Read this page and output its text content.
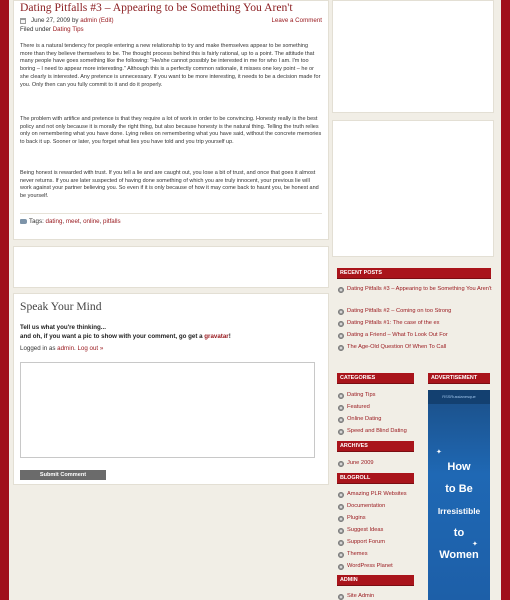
Dating Pitfalls #3 – Appearing to be Something You Aren't
June 27, 2009 by admin (Edit)	Leave a Comment
Filed under Dating Tips

There is a natural tendency for people entering a new relationship to try and make themselves appear to be something more than they believe themselves to be. The thought process behind this is fairly rational, up to a point. The attitude that many people have goes something like the following: "He/she cannot possibly be interested in me for who I am. I'm too boring – I need to appear more interesting." Although this is a perfectly common rationale, it misses one key point – he or she clearly is interested. Any pretence is unnecessary. If you want to be more interesting, it needs to be a decision made for you. Only then can you fully commit to it and do it properly.

The problem with artifice and pretence is that they require a lot of work in order to be convincing. Honesty really is the best policy and not only because it is morally the right thing, but also because honesty is the natural thing. Telling the truth relies only on remembering what you have done. Lying relies on remembering what you have said, without the concrete memories to back it up. Sooner or later, you forget what lies you have told and you trip yourself up.

Being honest is rewarded with trust. If you tell a lie and are caught out, you lose a bit of trust, and once that goes it almost never returns. If you are later suspected of having done something of which you are truly innocent, your previous lie will work against your partner believing you. So even if it is only because of how it may come back to haunt you, be honest and be yourself.

Tags: dating, meet, online, pitfalls
Speak Your Mind
Tell us what you're thinking...
and oh, if you want a pic to show with your comment, go get a gravatar!
Logged in as admin. Log out »
Submit Comment
RECENT POSTS
Dating Pitfalls #3 – Appearing to be Something You Aren't
Dating Pitfalls #2 – Coming on too Strong
Dating Pitfalls #1: The case of the ex
Dating a Friend – What To Look Out For
The Age-Old Question Of When To Call
CATEGORIES
Dating Tips
Featured
Online Dating
Speed and Blind Dating
ARCHIVES
June 2009
BLOGROLL
Amazing PLR Websites
Documentation
Plugins
Suggest Ideas
Support Forum
Themes
WordPress Planet
ADMIN
Site Admin
ADVERTISEMENT
RSSRussianesque
✦
✦
How
to Be
Irresistible
to
Women
